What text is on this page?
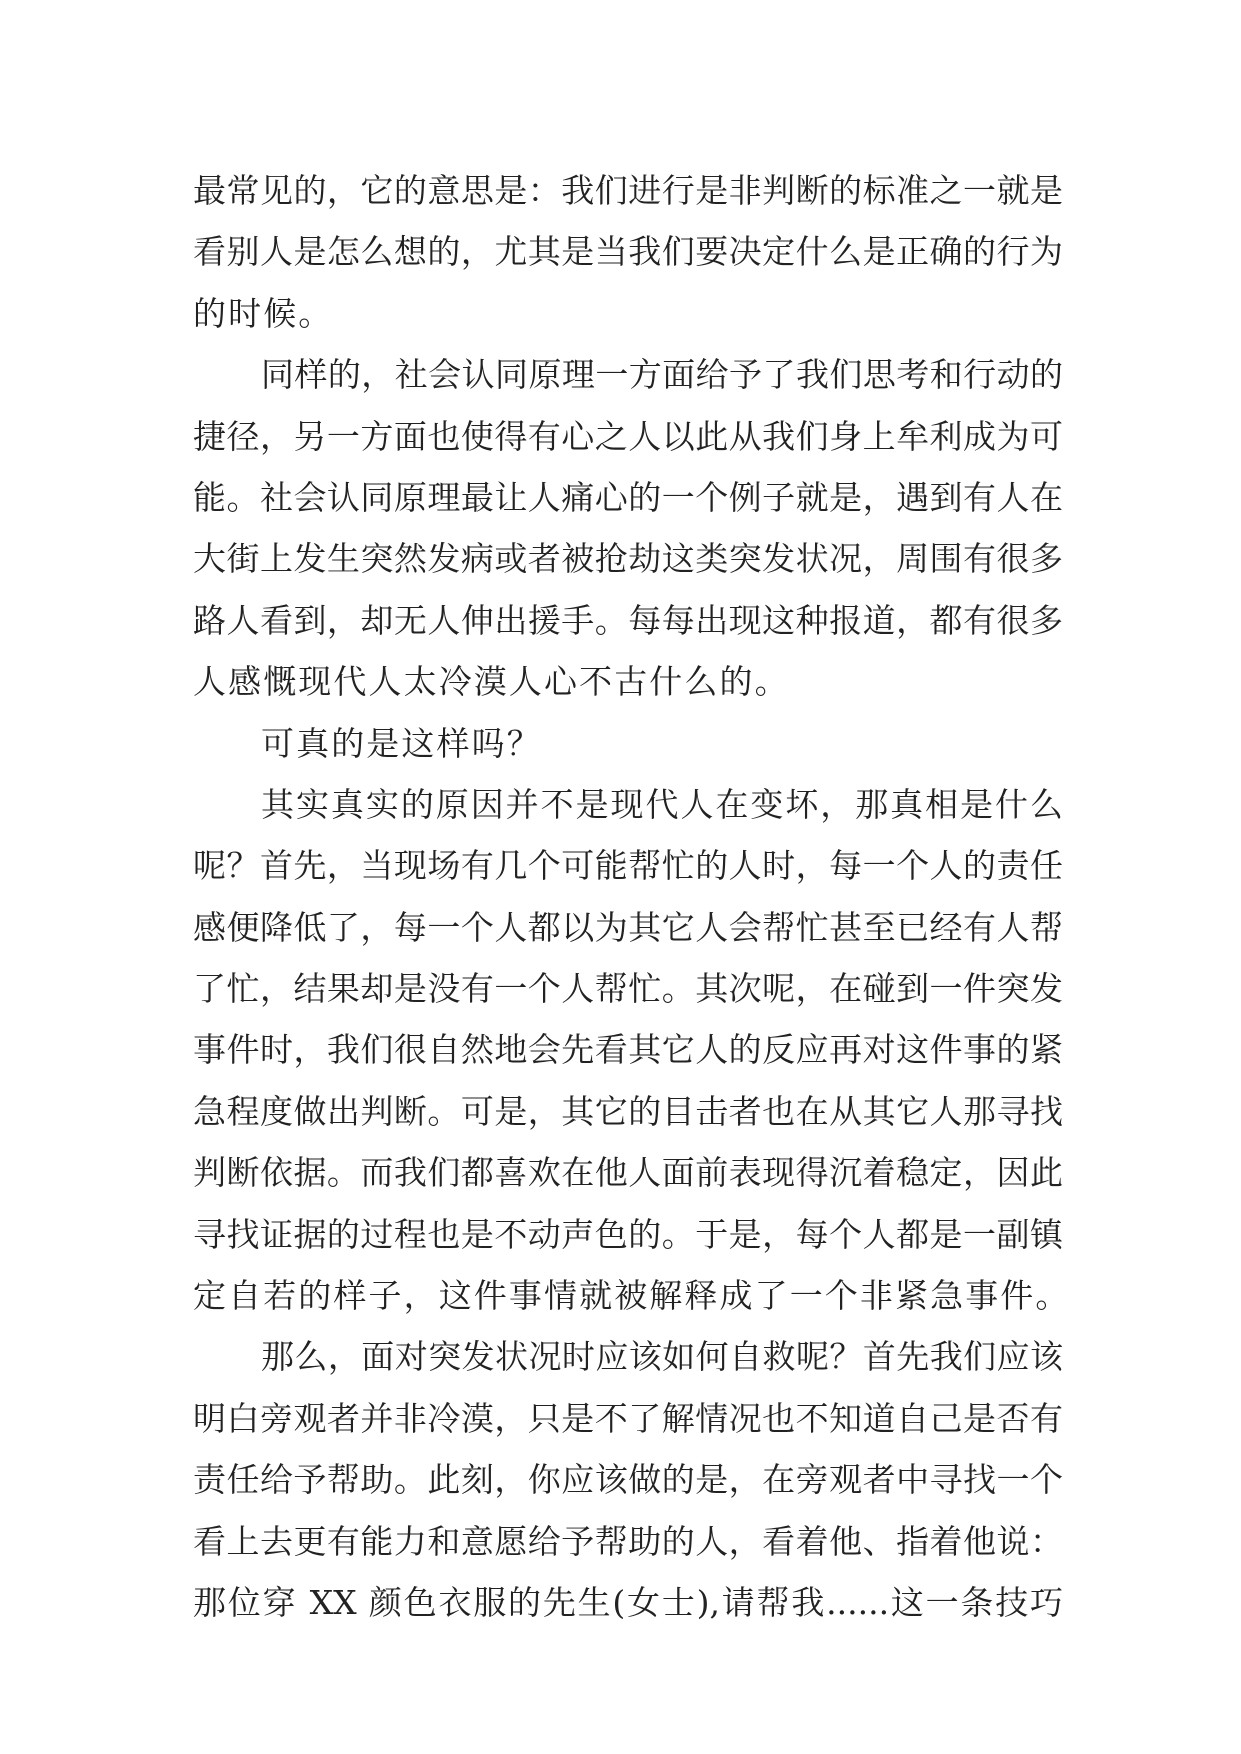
最常见的，它的意思是：我们进行是非判断的标准之一就是
看别人是怎么想的，尤其是当我们要决定什么是正确的行为
的时候。
同样的，社会认同原理一方面给予了我们思考和行动的
捷径，另一方面也使得有心之人以此从我们身上牟利成为可
能。社会认同原理最让人痛心的一个例子就是，遇到有人在
大街上发生突然发病或者被抢劫这类突发状况，周围有很多
路人看到，却无人伸出援手。每每出现这种报道，都有很多
人感慨现代人太冷漠人心不古什么的。
可真的是这样吗？
其实真实的原因并不是现代人在变坏，那真相是什么
呢？首先，当现场有几个可能帮忙的人时，每一个人的责任
感便降低了，每一个人都以为其它人会帮忙甚至已经有人帮
了忙，结果却是没有一个人帮忙。其次呢，在碰到一件突发
事件时，我们很自然地会先看其它人的反应再对这件事的紧
急程度做出判断。可是，其它的目击者也在从其它人那寻找
判断依据。而我们都喜欢在他人面前表现得沉着稳定，因此
寻找证据的过程也是不动声色的。于是，每个人都是一副镇
定自若的样子，这件事情就被解释成了一个非紧急事件。
那么，面对突发状况时应该如何自救呢？首先我们应该
明白旁观者并非冷漠，只是不了解情况也不知道自己是否有
责任给予帮助。此刻，你应该做的是，在旁观者中寻找一个
看上去更有能力和意愿给予帮助的人，看着他、指着他说：
那位穿 XX 颜色衣服的先生(女士),请帮我......这一条技巧
